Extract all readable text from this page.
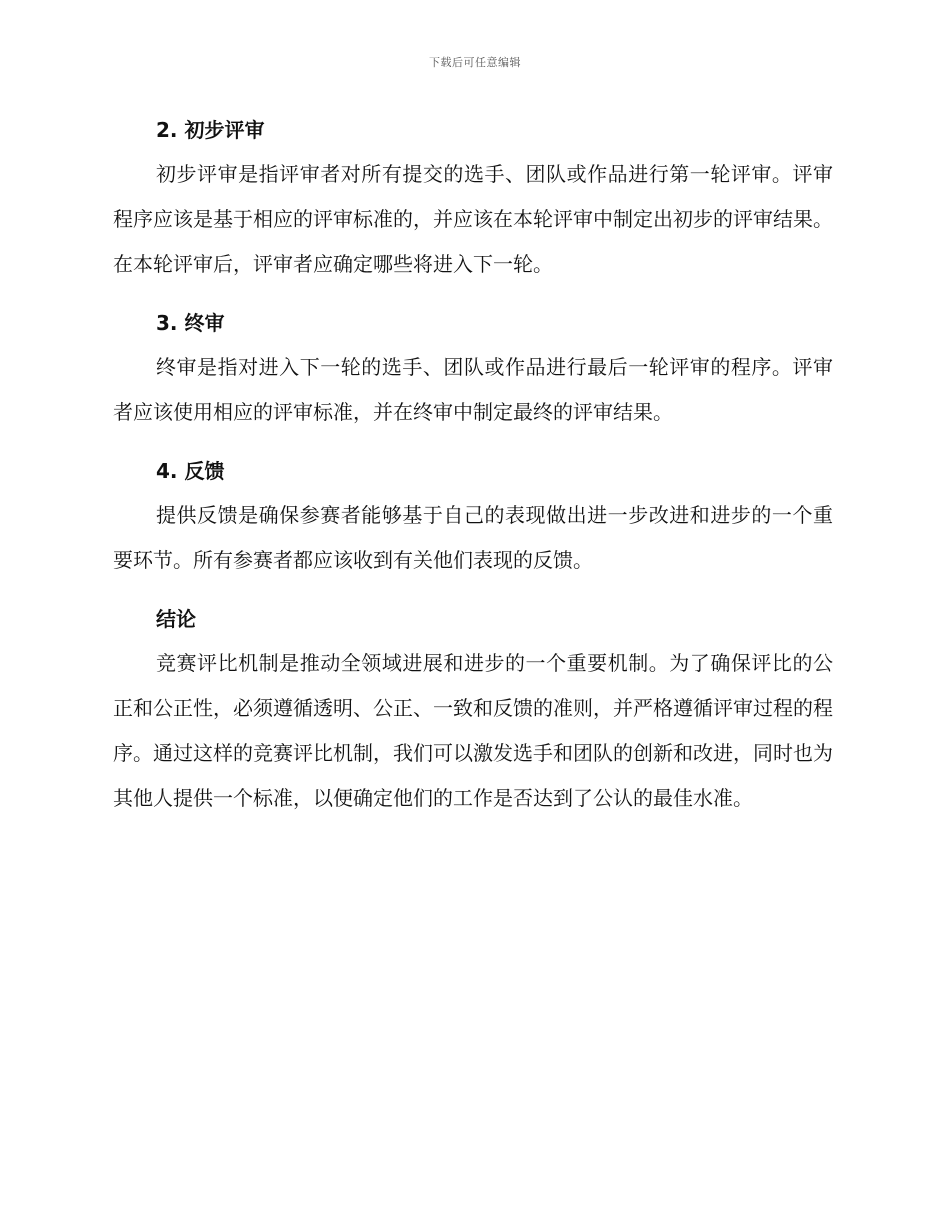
下载后可任意编辑
2. 初步评审

初步评审是指评审者对所有提交的选手、团队或作品进行第一轮评审。评审程序应该是基于相应的评审标准的，并应该在本轮评审中制定出初步的评审结果。在本轮评审后，评审者应确定哪些将进入下一轮。

3. 终审

终审是指对进入下一轮的选手、团队或作品进行最后一轮评审的程序。评审者应该使用相应的评审标准，并在终审中制定最终的评审结果。

4. 反馈

提供反馈是确保参赛者能够基于自己的表现做出进一步改进和进步的一个重要环节。所有参赛者都应该收到有关他们表现的反馈。

结论

竞赛评比机制是推动全领域进展和进步的一个重要机制。为了确保评比的公正和公正性，必须遵循透明、公正、一致和反馈的准则，并严格遵循评审过程的程序。通过这样的竞赛评比机制，我们可以激发选手和团队的创新和改进，同时也为其他人提供一个标准，以便确定他们的工作是否达到了公认的最佳水准。
